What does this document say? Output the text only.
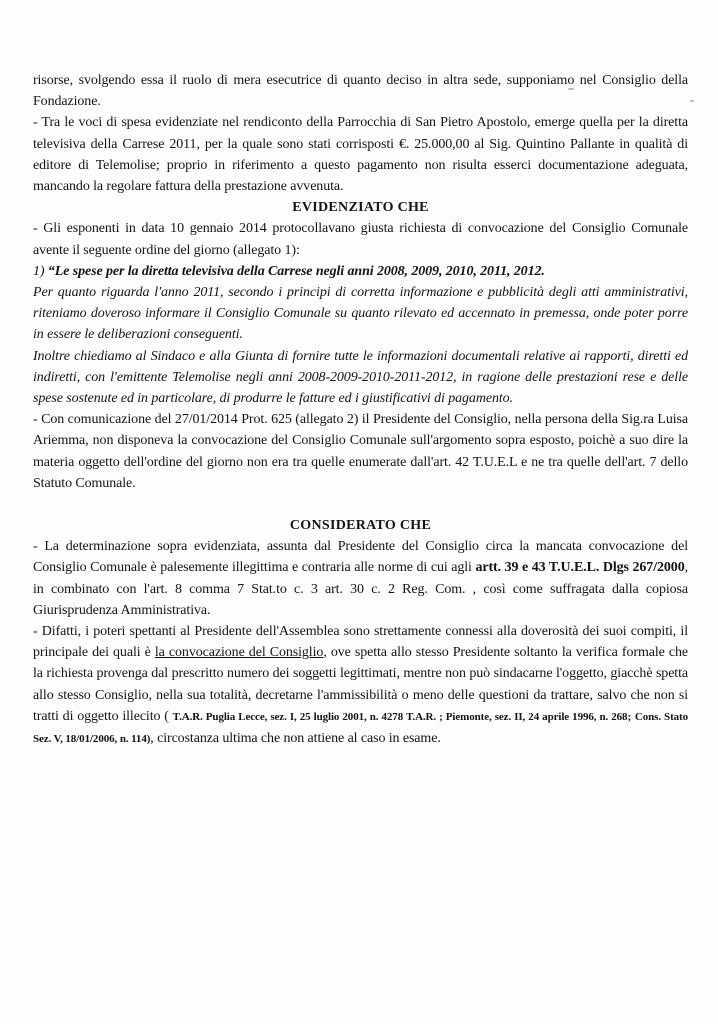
risorse, svolgendo essa il ruolo di mera esecutrice di quanto deciso in altra sede, supponiamo nel Consiglio della Fondazione.

- Tra le voci di spesa evidenziate nel rendiconto della Parrocchia di San Pietro Apostolo, emerge quella per la diretta televisiva della Carrese 2011, per la quale sono stati corrisposti €. 25.000,00 al Sig. Quintino Pallante in qualità di editore di Telemolise; proprio in riferimento a questo pagamento non risulta esserci documentazione adeguata, mancando la regolare fattura della prestazione avvenuta.

EVIDENZIATO CHE

- Gli esponenti in data 10 gennaio 2014 protocollavano giusta richiesta di convocazione del Consiglio Comunale avente il seguente ordine del giorno (allegato 1):

1) “Le spese per la diretta televisiva della Carrese negli anni 2008, 2009, 2010, 2011, 2012.

Per quanto riguarda l'anno 2011, secondo i principi di corretta informazione e pubblicità degli atti amministrativi, riteniamo doveroso informare il Consiglio Comunale su quanto rilevato ed accennato in premessa, onde poter porre in essere le deliberazioni conseguenti.

Inoltre chiediamo al Sindaco e alla Giunta di fornire tutte le informazioni documentali relative ai rapporti, diretti ed indiretti, con l'emittente Telemolise negli anni 2008-2009-2010-2011-2012, in ragione delle prestazioni rese e delle spese sostenute ed in particolare, di produrre le fatture ed i giustificativi di pagamento.

- Con comunicazione del 27/01/2014 Prot. 625 (allegato 2) il Presidente del Consiglio, nella persona della Sig.ra Luisa Ariemma, non disponeva la convocazione del Consiglio Comunale sull'argomento sopra esposto, poichè a suo dire la materia oggetto dell'ordine del giorno non era tra quelle enumerate dall'art. 42 T.U.E.L e ne tra quelle dell'art. 7 dello Statuto Comunale.

CONSIDERATO CHE

- La determinazione sopra evidenziata, assunta dal Presidente del Consiglio circa la mancata convocazione del Consiglio Comunale è palesemente illegittima e contraria alle norme di cui agli artt. 39 e 43 T.U.E.L. Dlgs 267/2000, in combinato con l'art. 8 comma 7 Stat.to c. 3 art. 30 c. 2 Reg. Com. , così come suffragata dalla copiosa Giurisprudenza Amministrativa.

- Difatti, i poteri spettanti al Presidente dell'Assemblea sono strettamente connessi alla doverosità dei suoi compiti, il principale dei quali è la convocazione del Consiglio, ove spetta allo stesso Presidente soltanto la verifica formale che la richiesta provenga dal prescritto numero dei soggetti legittimati, mentre non può sindacarne l'oggetto, giacchè spetta allo stesso Consiglio, nella sua totalità, decretarne l'ammissibilità o meno delle questioni da trattare, salvo che non si tratti di oggetto illecito ( T.A.R. Puglia Lecce, sez. I, 25 luglio 2001, n. 4278 T.A.R. ; Piemonte, sez. II, 24 aprile 1996, n. 268; Cons. Stato Sez. V, 18/01/2006, n. 114), circostanza ultima che non attiene al caso in esame.
